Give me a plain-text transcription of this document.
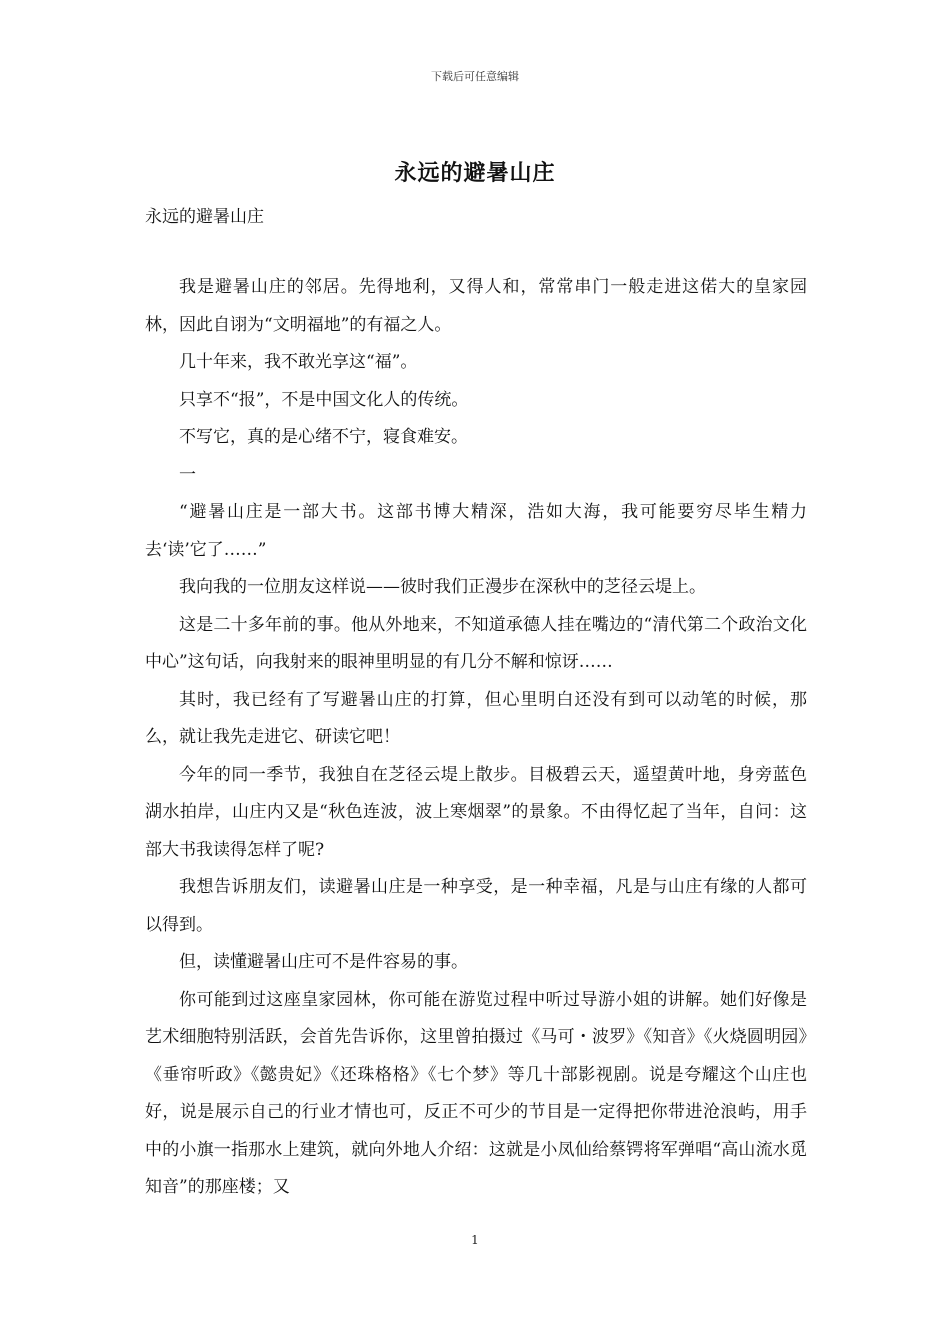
下载后可任意编辑
永远的避暑山庄
永远的避暑山庄

我是避暑山庄的邻居。先得地利，又得人和，常常串门一般走进这偌大的皇家园林，因此自诩为“文明福地”的有福之人。

几十年来，我不敢光享这“福”。

只享不“报”，不是中国文化人的传统。

不写它，真的是心绪不宁，寝食难安。

一

“避暑山庄是一部大书。这部书博大精深，浩如大海，我可能要穷尽毕生精力去‘读’它了……”

我向我的一位朋友这样说——彼时我们正漫步在深秋中的芝径云堤上。

这是二十多年前的事。他从外地来，不知道承德人挂在嘴边的“清代第二个政治文化中心”这句话，向我射来的眼神里明显的有几分不解和惊讶……

其时，我已经有了写避暑山庄的打算，但心里明白还没有到可以动笔的时候，那么，就让我先走进它、研读它吧！

今年的同一季节，我独自在芝径云堤上散步。目极碧云天，遥望黄叶地，身旁蓝色湖水拍岸，山庄内又是“秋色连波，波上寒烟翠”的景象。不由得忆起了当年，自问：这部大书我读得怎样了呢?

我想告诉朋友们，读避暑山庄是一种享受，是一种幸福，凡是与山庄有缘的人都可以得到。

但，读懂避暑山庄可不是件容易的事。

你可能到过这座皇家园林，你可能在游览过程中听过导游小姐的讲解。她们好像是艺术细胞特别活跃，会首先告诉你，这里曾拍摄过《马可・波罗》《知音》《火烧圆明园》《垂帘听政》《懿贵妃》《还珠格格》《七个梦》等几十部影视剧。说是夸耀这个山庄也好，说是展示自己的行业才情也可，反正不可少的节目是一定得把你带进沧浪屿，用手中的小旗一指那水上建筑，就向外地人介绍：这就是小凤仙给蔡锷将军弹唱“高山流水觅知音”的那座楼；又

1
